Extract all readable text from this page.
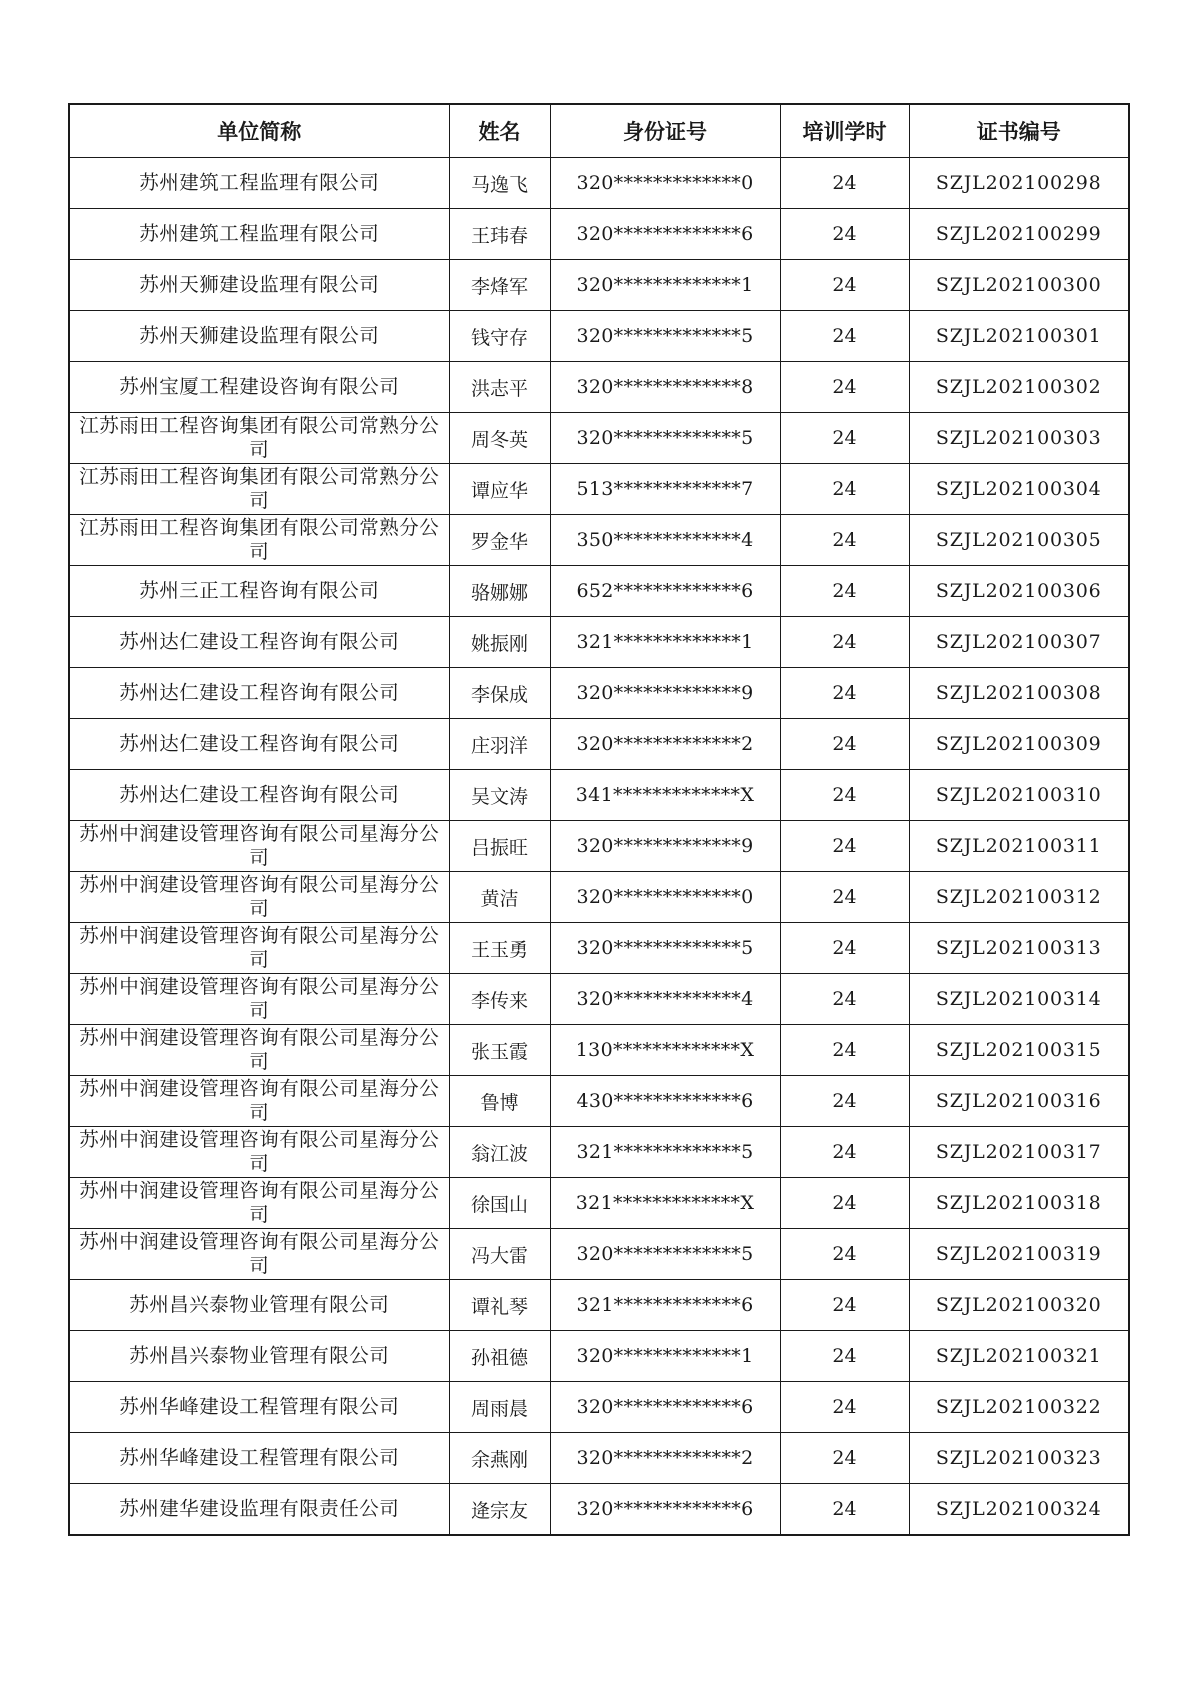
单位简称	姓名	身份证号	培训学时	证书编号
苏州建筑工程监理有限公司	马逸飞	320*************0	24	SZJL202100298
苏州建筑工程监理有限公司	王玮春	320*************6	24	SZJL202100299
苏州天狮建设监理有限公司	李烽军	320*************1	24	SZJL202100300
苏州天狮建设监理有限公司	钱守存	320*************5	24	SZJL202100301
苏州宝厦工程建设咨询有限公司	洪志平	320*************8	24	SZJL202100302
江苏雨田工程咨询集团有限公司常熟分公司	周冬英	320*************5	24	SZJL202100303
江苏雨田工程咨询集团有限公司常熟分公司	谭应华	513*************7	24	SZJL202100304
江苏雨田工程咨询集团有限公司常熟分公司	罗金华	350*************4	24	SZJL202100305
苏州三正工程咨询有限公司	骆娜娜	652*************6	24	SZJL202100306
苏州达仁建设工程咨询有限公司	姚振刚	321*************1	24	SZJL202100307
苏州达仁建设工程咨询有限公司	李保成	320*************9	24	SZJL202100308
苏州达仁建设工程咨询有限公司	庄羽洋	320*************2	24	SZJL202100309
苏州达仁建设工程咨询有限公司	吴文涛	341*************X	24	SZJL202100310
苏州中润建设管理咨询有限公司星海分公司	吕振旺	320*************9	24	SZJL202100311
苏州中润建设管理咨询有限公司星海分公司	黄洁	320*************0	24	SZJL202100312
苏州中润建设管理咨询有限公司星海分公司	王玉勇	320*************5	24	SZJL202100313
苏州中润建设管理咨询有限公司星海分公司	李传来	320*************4	24	SZJL202100314
苏州中润建设管理咨询有限公司星海分公司	张玉霞	130*************X	24	SZJL202100315
苏州中润建设管理咨询有限公司星海分公司	鲁博	430*************6	24	SZJL202100316
苏州中润建设管理咨询有限公司星海分公司	翁江波	321*************5	24	SZJL202100317
苏州中润建设管理咨询有限公司星海分公司	徐国山	321*************X	24	SZJL202100318
苏州中润建设管理咨询有限公司星海分公司	冯大雷	320*************5	24	SZJL202100319
苏州昌兴泰物业管理有限公司	谭礼琴	321*************6	24	SZJL202100320
苏州昌兴泰物业管理有限公司	孙祖德	320*************1	24	SZJL202100321
苏州华峰建设工程管理有限公司	周雨晨	320*************6	24	SZJL202100322
苏州华峰建设工程管理有限公司	余燕刚	320*************2	24	SZJL202100323
苏州建华建设监理有限责任公司	逄宗友	320*************6	24	SZJL202100324
